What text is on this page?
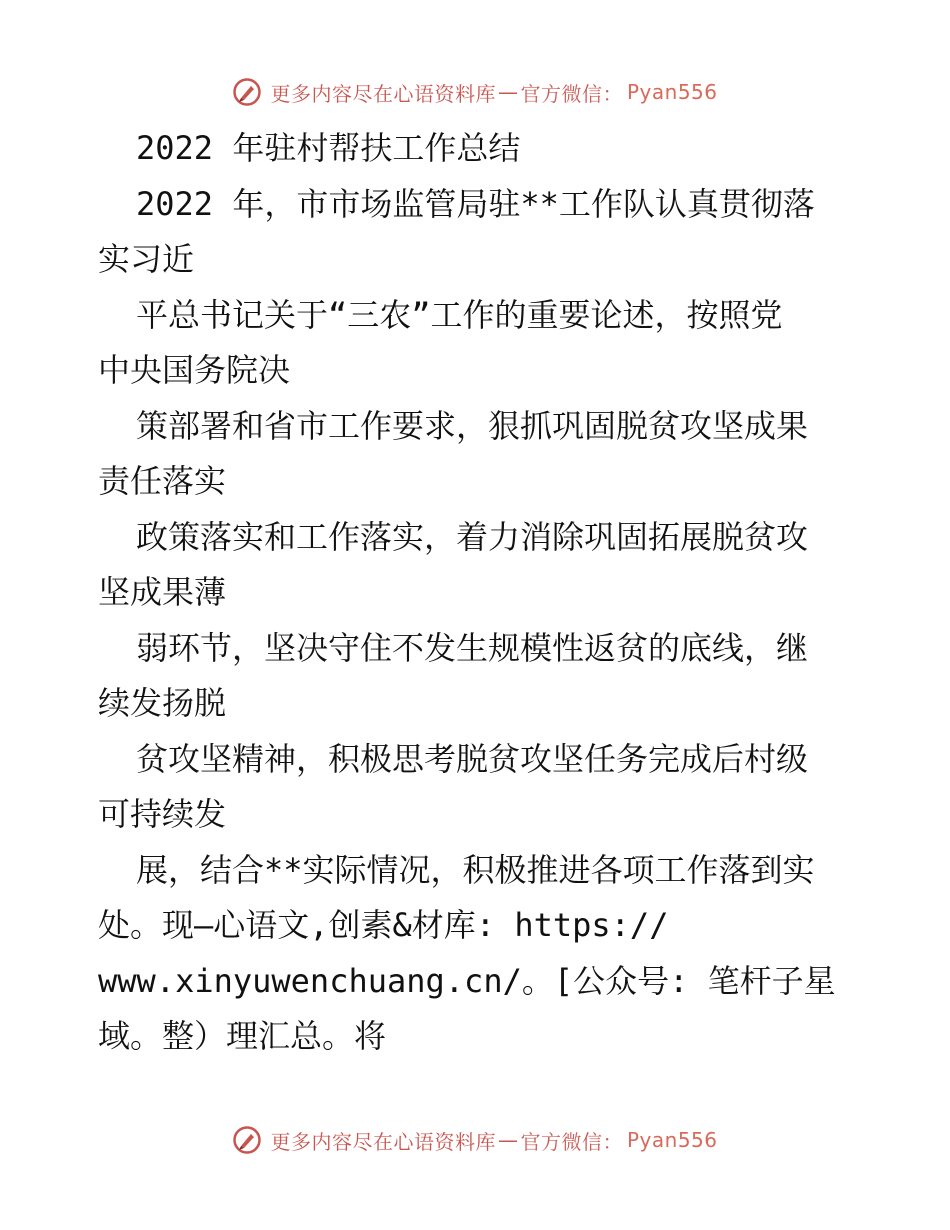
更多内容尽在心语资料库 — 官方微信： Pyan556
2022 年驻村帮扶工作总结
2022 年，市市场监管局驻**工作队认真贯彻落
实习近
平总书记关于“三农”工作的重要论述，按照党
中央国务院决
策部署和省市工作要求，狠抓巩固脱贫攻坚成果
责任落实
政策落实和工作落实，着力消除巩固拓展脱贫攻
坚成果薄
弱环节，坚决守住不发生规模性返贫的底线，继
续发扬脱
贫攻坚精神，积极思考脱贫攻坚任务完成后村级
可持续发
展，结合**实际情况，积极推进各项工作落到实
处。现—心语文,创素&材库: https://
www.xinyuwenchuang.cn/。[公众号: 笔杆子星
域。整）理汇总。将
更多内容尽在心语资料库 — 官方微信： Pyan556
